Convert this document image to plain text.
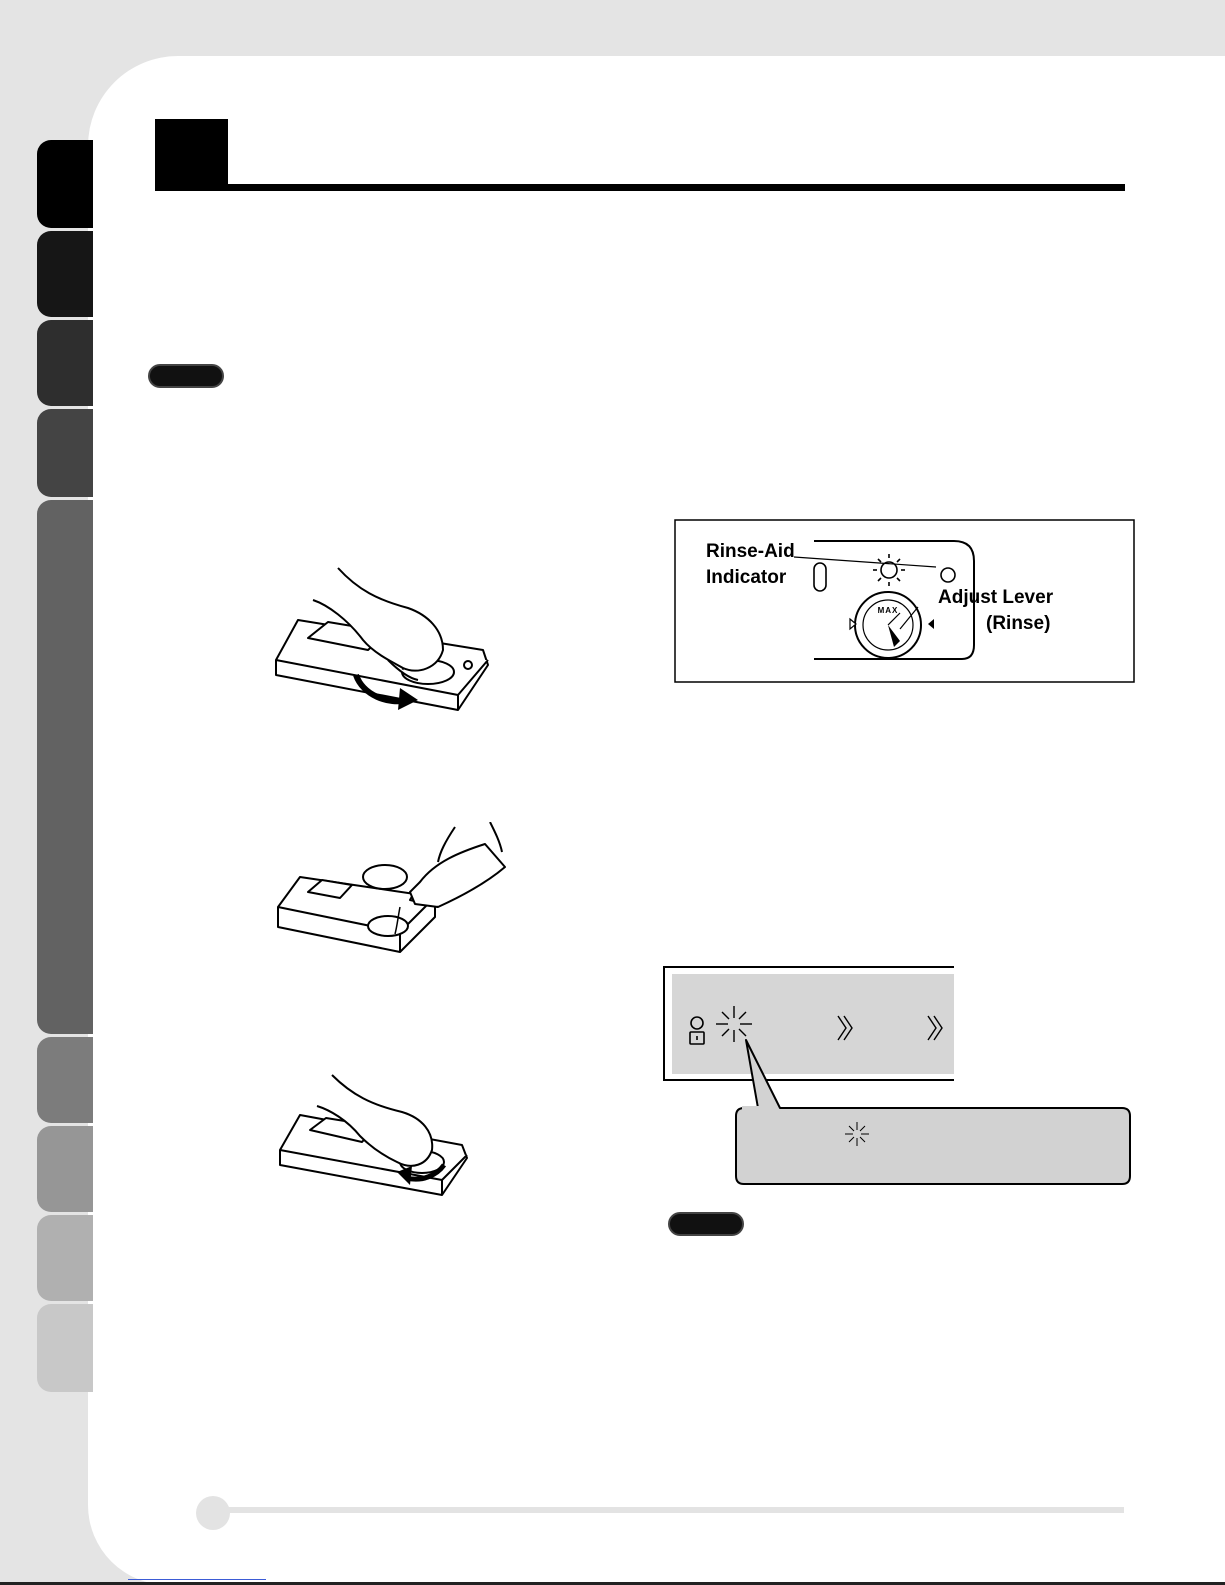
MAX
Rinse-Aid
Indicator
Adjust Lever
(Rinse)
